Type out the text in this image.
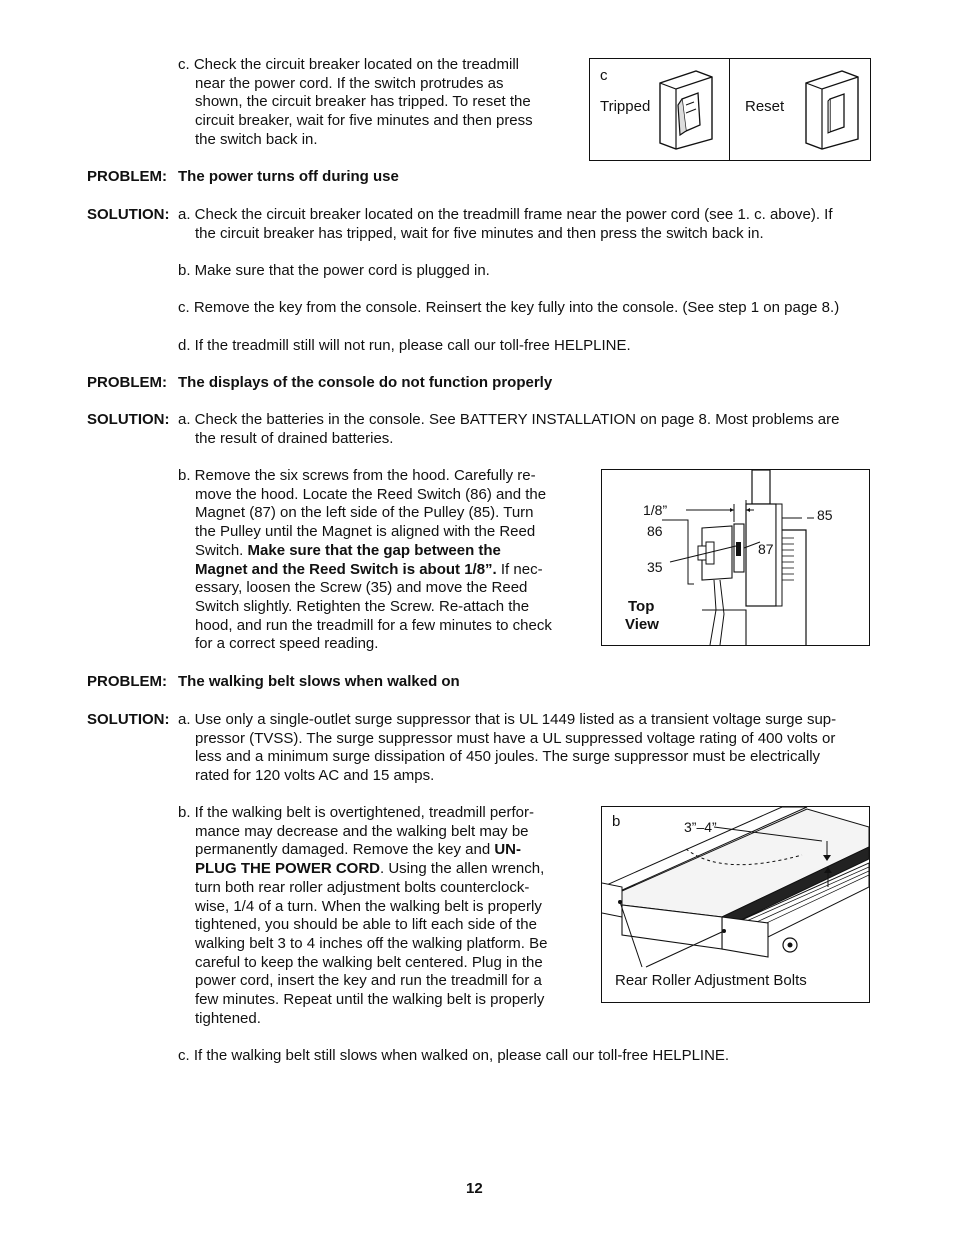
c. Check the circuit breaker located on the treadmill
near the power cord. If the switch protrudes as
shown, the circuit breaker has tripped. To reset the
circuit breaker, wait for five minutes and then press
the switch back in.
c
Tripped	Reset
PROBLEM: The power turns off during use
SOLUTION: a. Check the circuit breaker located on the treadmill frame near the power cord (see 1. c. above). If
the circuit breaker has tripped, wait for five minutes and then press the switch back in.
b. Make sure that the power cord is plugged in.
c. Remove the key from the console. Reinsert the key fully into the console. (See step 1 on page 8.)
d. If the treadmill still will not run, please call our toll-free HELPLINE.
PROBLEM: The displays of the console do not function properly
SOLUTION: a. Check the batteries in the console. See BATTERY INSTALLATION on page 8. Most problems are
the result of drained batteries.
b. Remove the six screws from the hood. Carefully re-
move the hood. Locate the Reed Switch (86) and the
Magnet (87) on the left side of the Pulley (85). Turn
the Pulley until the Magnet is aligned with the Reed
Switch. Make sure that the gap between the
Magnet and the Reed Switch is about 1/8”. If nec-
essary, loosen the Screw (35) and move the Reed
Switch slightly. Retighten the Screw. Re-attach the
hood, and run the treadmill for a few minutes to check
for a correct speed reading.
1/8”
86
35
85
87
Top
View
PROBLEM: The walking belt slows when walked on
SOLUTION: a. Use only a single-outlet surge suppressor that is UL 1449 listed as a transient voltage surge sup-
pressor (TVSS). The surge suppressor must have a UL suppressed voltage rating of 400 volts or
less and a minimum surge dissipation of 450 joules. The surge suppressor must be electrically
rated for 120 volts AC and 15 amps.
b. If the walking belt is overtightened, treadmill perfor-
mance may decrease and the walking belt may be
permanently damaged. Remove the key and UN-
PLUG THE POWER CORD. Using the allen wrench,
turn both rear roller adjustment bolts counterclock-
wise, 1/4 of a turn. When the walking belt is properly
tightened, you should be able to lift each side of the
walking belt 3 to 4 inches off the walking platform. Be
careful to keep the walking belt centered. Plug in the
power cord, insert the key and run the treadmill for a
few minutes. Repeat until the walking belt is properly
tightened.
b	3”–4”
Rear Roller Adjustment Bolts
c. If the walking belt still slows when walked on, please call our toll-free HELPLINE.
12
